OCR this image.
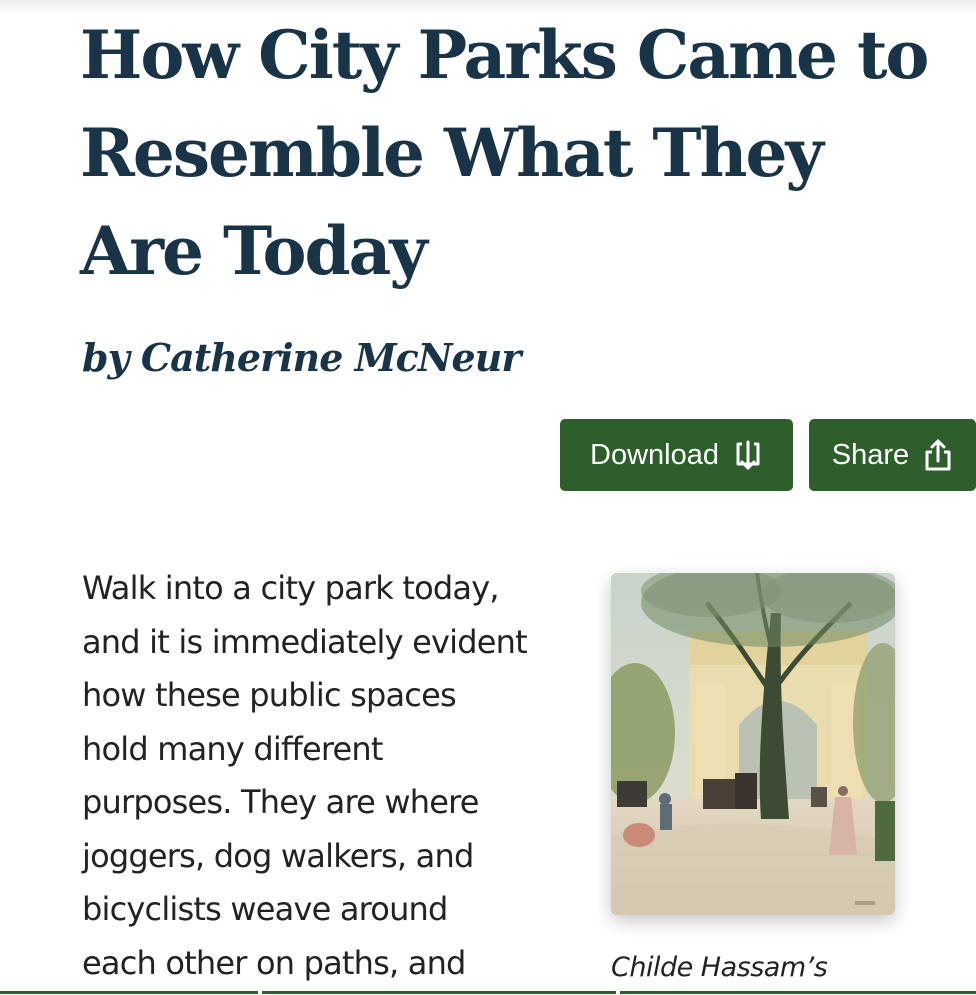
How City Parks Came to Resemble What They Are Today
by Catherine McNeur
Download	Share
Walk into a city park today,
and it is immediately evident
how these public spaces
hold many different
purposes. They are where
joggers, dog walkers, and
bicyclists weave around
each other on paths, and	Childe Hassam’s
